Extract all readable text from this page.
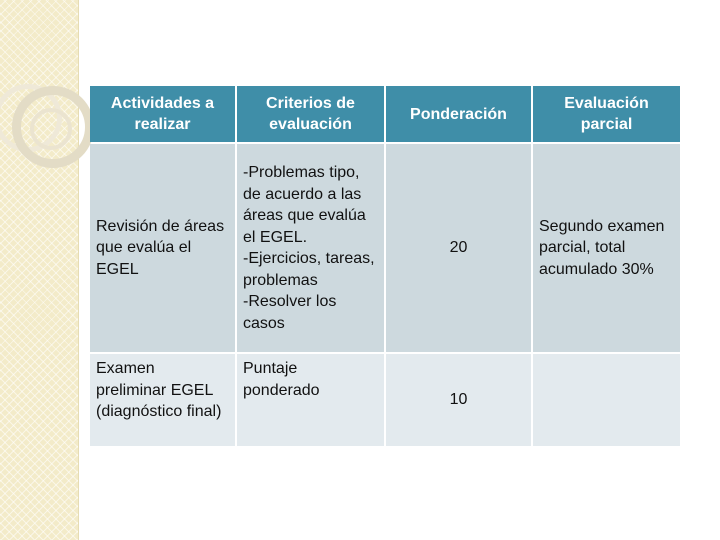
Actividades a realizar	Criterios de evaluación	Ponderación	Evaluación parcial
Revisión de áreas que evalúa el EGEL	-Problemas tipo, de acuerdo a las áreas que evalúa el EGEL.
-Ejercicios, tareas, problemas
-Resolver los casos	20	Segundo examen parcial, total acumulado 30%
Examen preliminar EGEL (diagnóstico final)	Puntaje ponderado	10	
